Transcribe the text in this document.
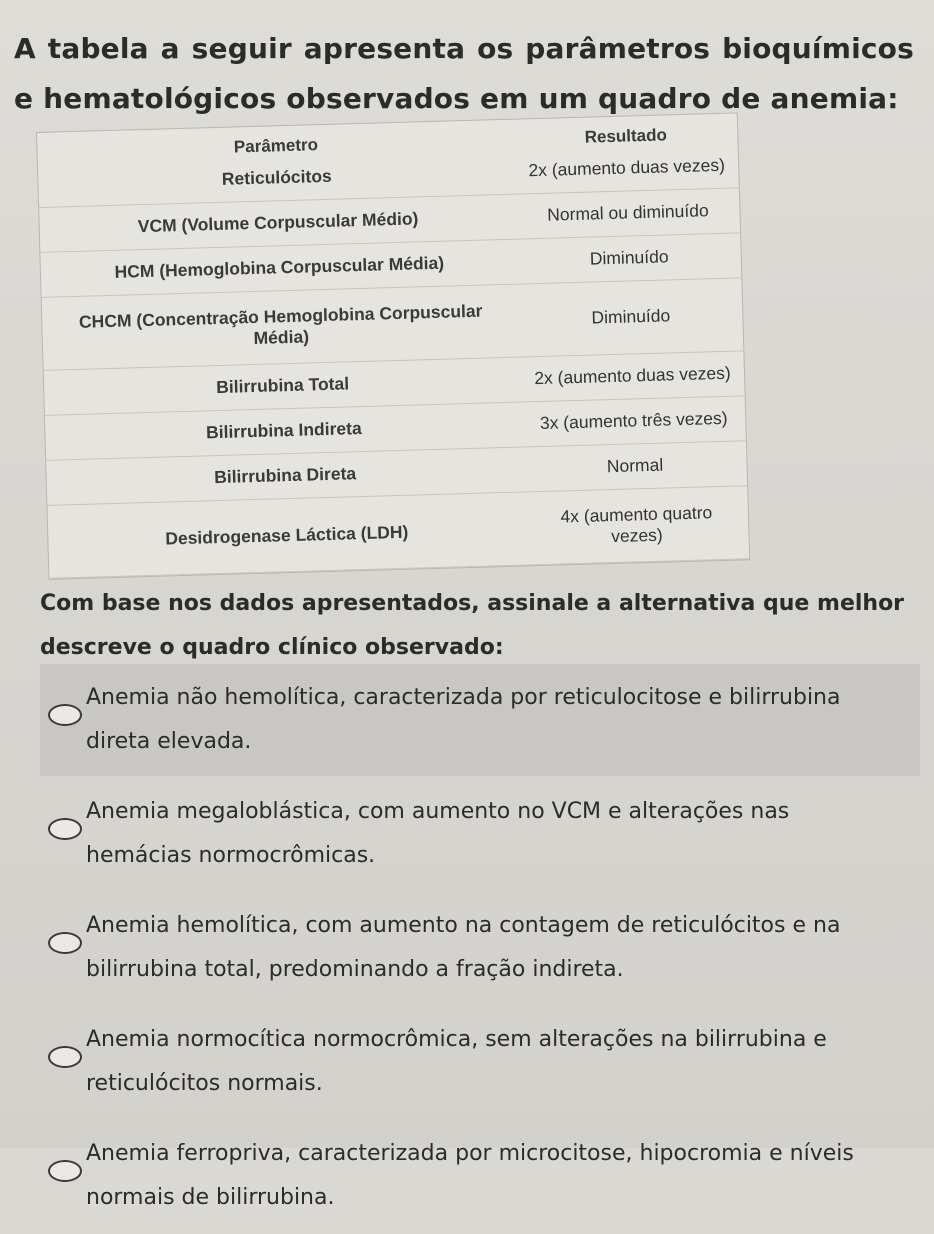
A tabela a seguir apresenta os parâmetros bioquímicos e hematológicos observados em um quadro de anemia:
Parâmetro	Resultado
Reticulócitos	2x (aumento duas vezes)
VCM (Volume Corpuscular Médio)	Normal ou diminuído
HCM (Hemoglobina Corpuscular Média)	Diminuído
CHCM (Concentração Hemoglobina Corpuscular Média)	Diminuído
Bilirrubina Total	2x (aumento duas vezes)
Bilirrubina Indireta	3x (aumento três vezes)
Bilirrubina Direta	Normal
Desidrogenase Láctica (LDH)	4x (aumento quatro vezes)
Com base nos dados apresentados, assinale a alternativa que melhor descreve o quadro clínico observado:
Anemia não hemolítica, caracterizada por reticulocitose e bilirrubina direta elevada.
Anemia megaloblástica, com aumento no VCM e alterações nas hemácias normocrômicas.
Anemia hemolítica, com aumento na contagem de reticulócitos e na bilirrubina total, predominando a fração indireta.
Anemia normocítica normocrômica, sem alterações na bilirrubina e reticulócitos normais.
Anemia ferropriva, caracterizada por microcitose, hipocromia e níveis normais de bilirrubina.
